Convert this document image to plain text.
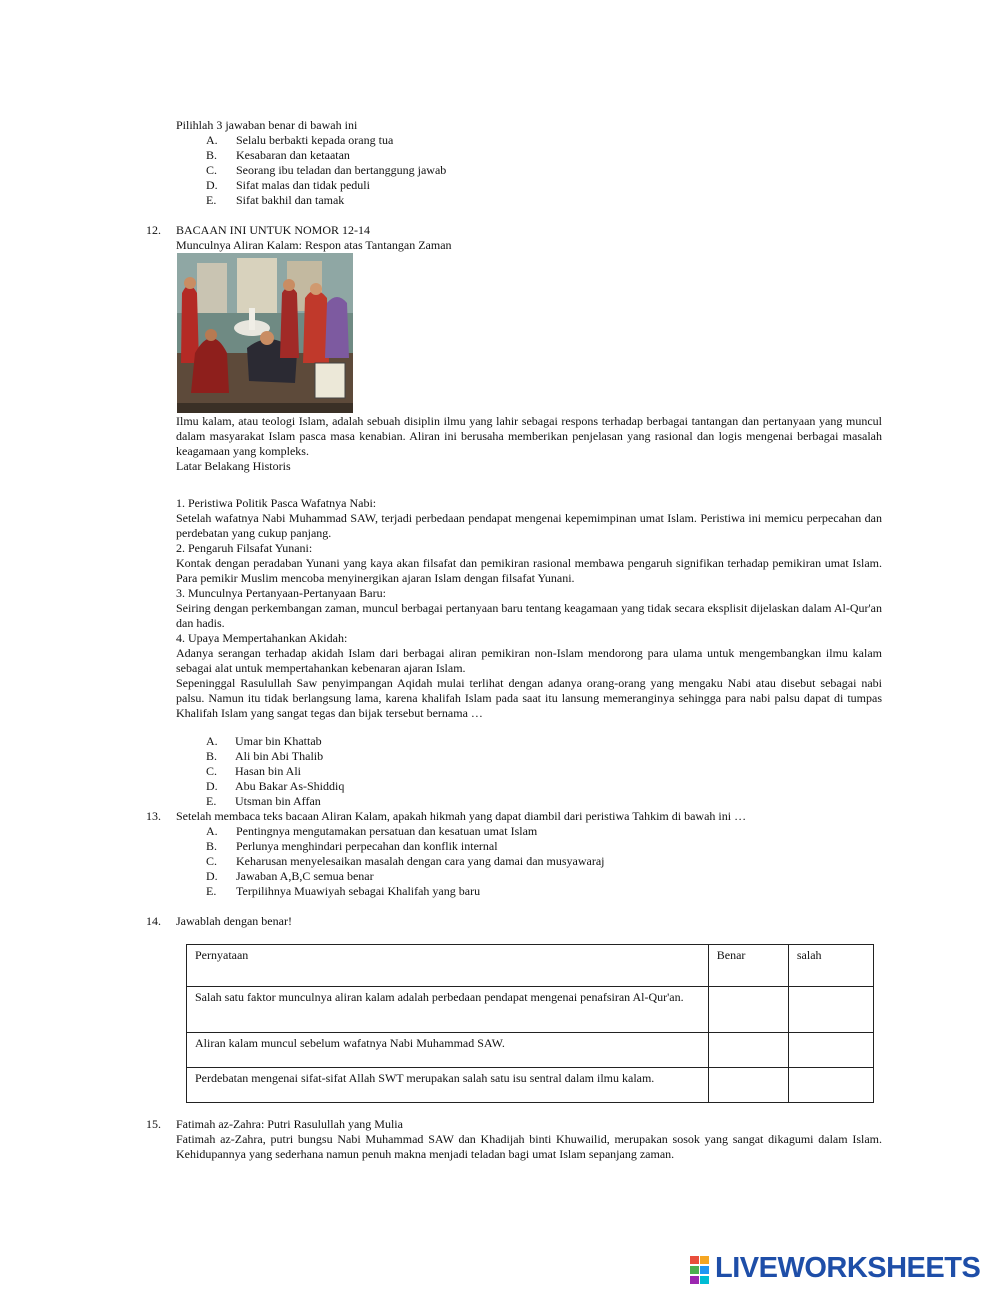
Pilihlah 3 jawaban benar di bawah ini
A. Selalu berbakti kepada orang tua
B. Kesabaran dan ketaatan
C. Seorang ibu teladan dan bertanggung jawab
D. Sifat malas dan tidak peduli
E. Sifat bakhil dan tamak
12. BACAAN INI UNTUK NOMOR 12-14
Munculnya Aliran Kalam: Respon atas Tantangan Zaman
Ilmu kalam, atau teologi Islam, adalah sebuah disiplin ilmu yang lahir sebagai respons terhadap berbagai tantangan dan pertanyaan yang muncul dalam masyarakat Islam pasca masa kenabian. Aliran ini berusaha memberikan penjelasan yang rasional dan logis mengenai berbagai masalah keagamaan yang kompleks.
Latar Belakang Historis
1. Peristiwa Politik Pasca Wafatnya Nabi:
Setelah wafatnya Nabi Muhammad SAW, terjadi perbedaan pendapat mengenai kepemimpinan umat Islam. Peristiwa ini memicu perpecahan dan perdebatan yang cukup panjang.
2. Pengaruh Filsafat Yunani:
Kontak dengan peradaban Yunani yang kaya akan filsafat dan pemikiran rasional membawa pengaruh signifikan terhadap pemikiran umat Islam. Para pemikir Muslim mencoba menyinergikan ajaran Islam dengan filsafat Yunani.
3. Munculnya Pertanyaan-Pertanyaan Baru:
Seiring dengan perkembangan zaman, muncul berbagai pertanyaan baru tentang keagamaan yang tidak secara eksplisit dijelaskan dalam Al-Qur'an dan hadis.
4. Upaya Mempertahankan Akidah:
Adanya serangan terhadap akidah Islam dari berbagai aliran pemikiran non-Islam mendorong para ulama untuk mengembangkan ilmu kalam sebagai alat untuk mempertahankan kebenaran ajaran Islam.
Sepeninggal Rasulullah Saw penyimpangan Aqidah mulai terlihat dengan adanya orang-orang yang mengaku Nabi atau disebut sebagai nabi palsu. Namun itu tidak berlangsung lama, karena khalifah Islam pada saat itu lansung memeranginya sehingga para nabi palsu dapat di tumpas Khalifah Islam yang sangat tegas dan bijak tersebut bernama …
A. Umar bin Khattab
B. Ali bin Abi Thalib
C. Hasan bin Ali
D. Abu Bakar As-Shiddiq
E. Utsman bin Affan
13. Setelah membaca teks bacaan Aliran Kalam, apakah hikmah yang dapat diambil dari peristiwa Tahkim di bawah ini …
A. Pentingnya mengutamakan persatuan dan kesatuan umat Islam
B. Perlunya menghindari perpecahan dan konflik internal
C. Keharusan menyelesaikan masalah dengan cara yang damai dan musyawaraj
D. Jawaban A,B,C semua benar
E. Terpilihnya Muawiyah sebagai Khalifah yang baru
14. Jawablah dengan benar!
Pernyataan	Benar	salah
Salah satu faktor munculnya aliran kalam adalah perbedaan pendapat mengenai penafsiran Al-Qur'an.		
Aliran kalam muncul sebelum wafatnya Nabi Muhammad SAW.		
Perdebatan mengenai sifat-sifat Allah SWT merupakan salah satu isu sentral dalam ilmu kalam.		
15. Fatimah az-Zahra: Putri Rasulullah yang Mulia
Fatimah az-Zahra, putri bungsu Nabi Muhammad SAW dan Khadijah binti Khuwailid, merupakan sosok yang sangat dikagumi dalam Islam. Kehidupannya yang sederhana namun penuh makna menjadi teladan bagi umat Islam sepanjang zaman.
LIVEWORKSHEETS
